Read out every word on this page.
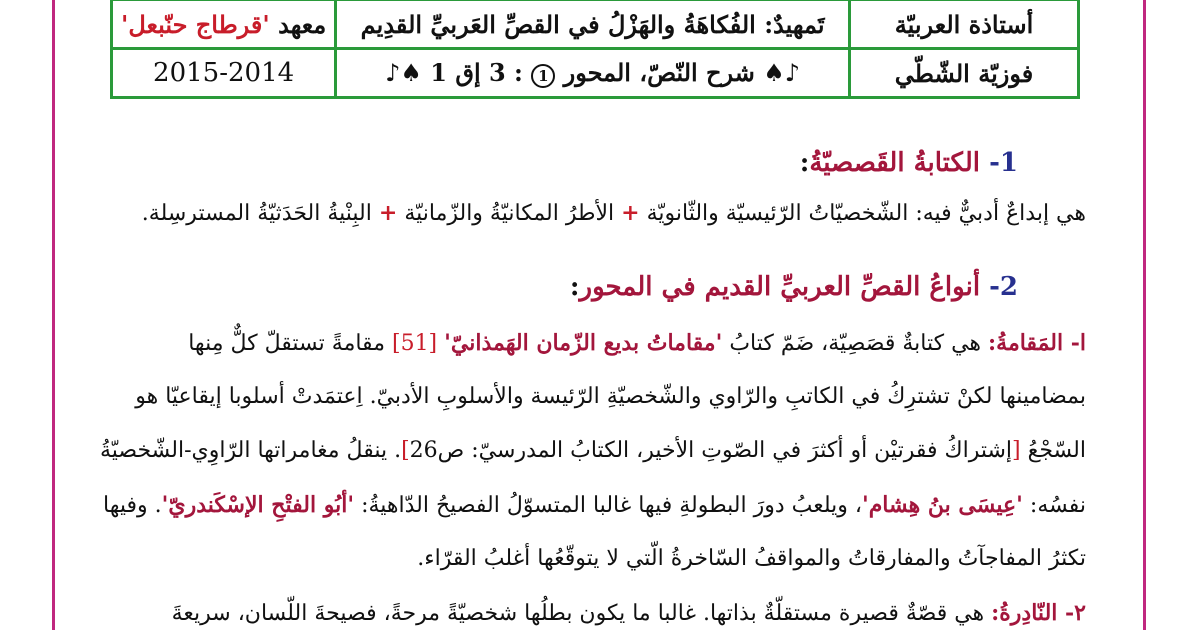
أستاذة العربيّة	تَمهيدٌ: الفُكاهَةُ والهَزْلُ في القصِّ العَربيِّ القدِيم	معهد 'قرطاج حنّبعل'
فوزيّة الشّطّي	♪♠ شرح النّصّ، المحور 1 : 3 إق 1 ♠♪	2015-2014
1- الكتابةُ القَصصيّةُ:
هي إبداعٌ أدبيٌّ فيه: الشّخصيّاتُ الرّئيسيّة والثّانويّة + الأطرُ المكانيّةُ والزّمانيّة + البِنْيةُ الحَدَثيّةُ المسترسِلة.
2- أنواعُ القصِّ العربيِّ القديم في المحور:
ا- المَقامةُ: هي كتابةٌ قصَصِيّة، ضَمّ كتابُ 'مقاماتُ بديع الزّمان الهَمذانيّ' [51] مقامةً تستقلّ كلٌّ مِنها
بمضامينها لكنْ تشترِكُ في الكاتبِ والرّاوي والشّخصيّةِ الرّئيسة والأسلوبِ الأدبيّ. اِعتمَدتْ أسلوبا إيقاعيّا هو
السّجْعُ [إشتراكُ فقرتيْن أو أكثرَ في الصّوتِ الأخير، الكتابُ المدرسيّ: ص26]. ينقلُ مغامراتها الرّاوِي-الشّخصيّةُ
نفسُه: 'عِيسَى بنُ هِشام'، ويلعبُ دورَ البطولةِ فيها غالبا المتسوّلُ الفصيحُ الدّاهيةُ: 'أبُو الفتْحِ الإسْكَندريّ'. وفيها
تكثرُ المفاجآتُ والمفارقاتُ والمواقفُ السّاخرةُ الّتي لا يتوقّعُها أغلبُ القرّاء.
٢- النّادِرةُ: هي قصّةٌ قصيرة مستقلّةٌ بذاتها. غالبا ما يكون بطلُها شخصيّةً مرحةً، فصيحةَ اللّسان، سريعةَ
